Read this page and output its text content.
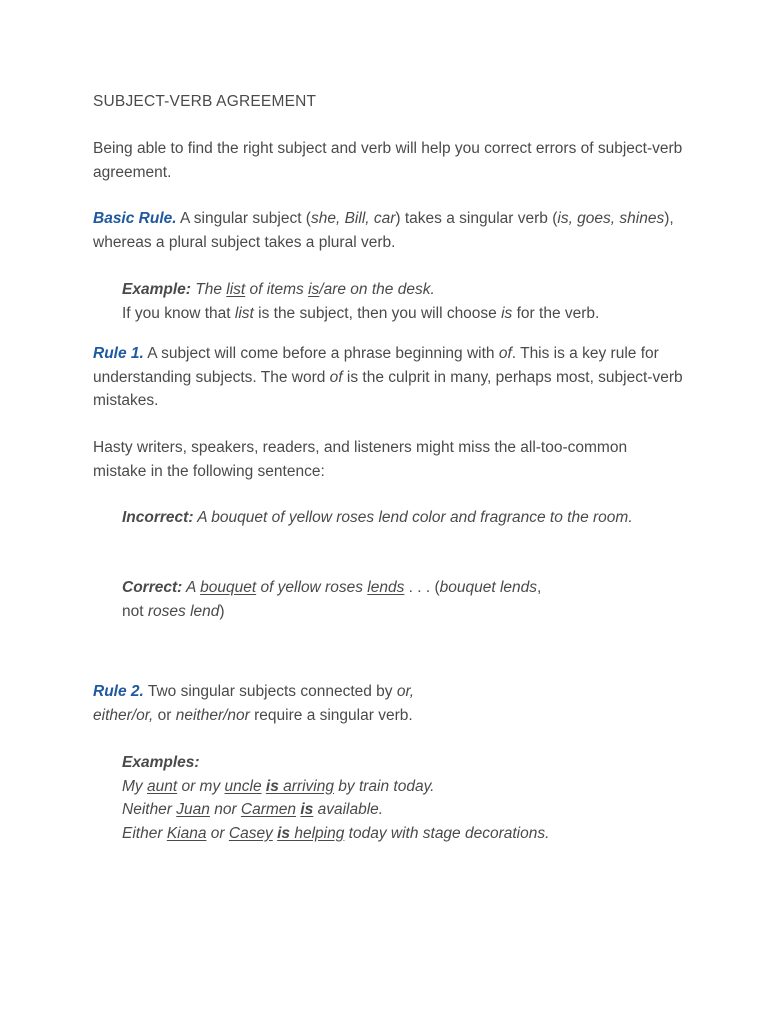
SUBJECT-VERB AGREEMENT

Being able to find the right subject and verb will help you correct errors of subject-verb agreement.

Basic Rule. A singular subject (she, Bill, car) takes a singular verb (is, goes, shines), whereas a plural subject takes a plural verb.

Example: The list of items is/are on the desk.
If you know that list is the subject, then you will choose is for the verb.

Rule 1. A subject will come before a phrase beginning with of. This is a key rule for understanding subjects. The word of is the culprit in many, perhaps most, subject-verb mistakes.

Hasty writers, speakers, readers, and listeners might miss the all-too-common mistake in the following sentence:

Incorrect: A bouquet of yellow roses lend color and fragrance to the room.

Correct: A bouquet of yellow roses lends . . . (bouquet lends,
not roses lend)
Rule 2. Two singular subjects connected by or,
either/or, or neither/nor require a singular verb.
Examples:
My aunt or my uncle is arriving by train today.
Neither Juan nor Carmen is available.
Either Kiana or Casey is helping today with stage decorations.
